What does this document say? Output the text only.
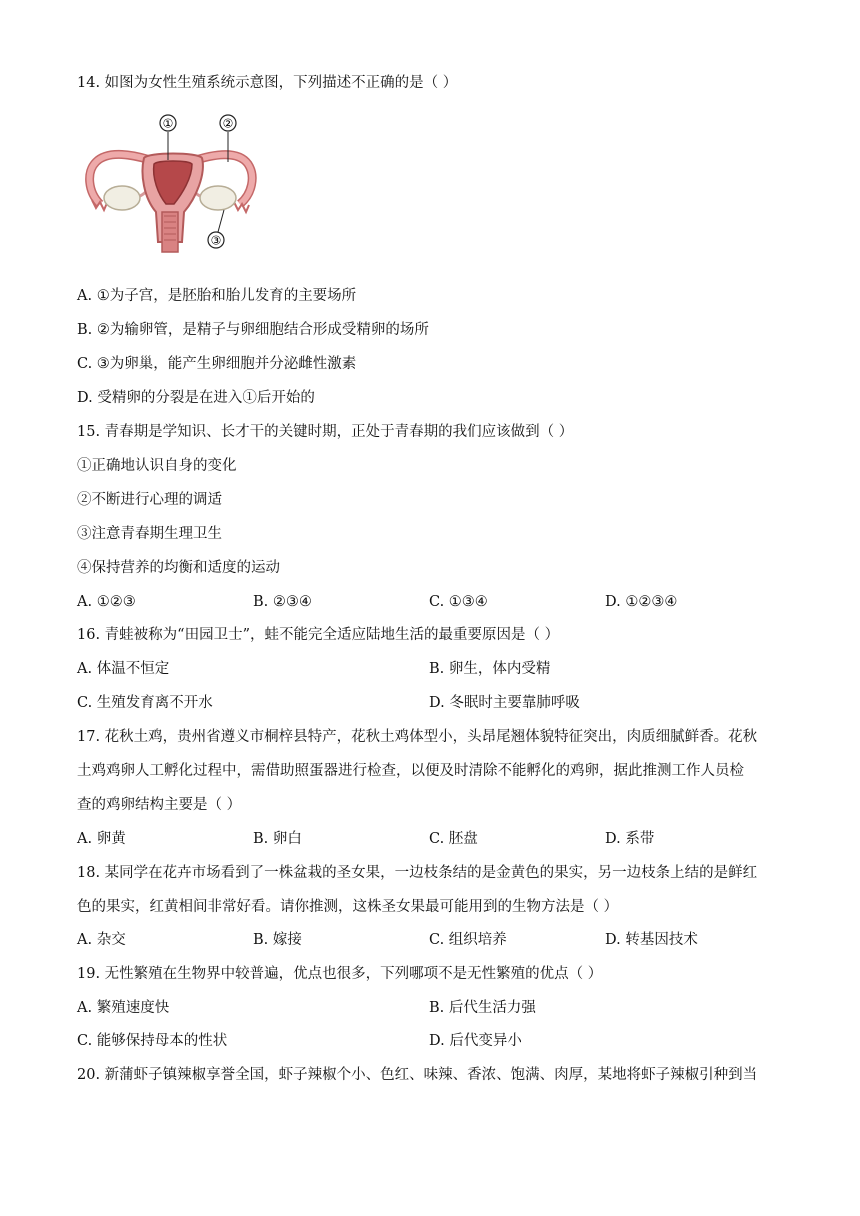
14. 如图为女性生殖系统示意图，下列描述不正确的是（ ）
①	②
③
A. ①为子宫，是胚胎和胎儿发育的主要场所
B. ②为输卵管，是精子与卵细胞结合形成受精卵的场所
C. ③为卵巢，能产生卵细胞并分泌雌性激素
D. 受精卵的分裂是在进入①后开始的
15. 青春期是学知识、长才干的关键时期，正处于青春期的我们应该做到（ ）
①正确地认识自身的变化
②不断进行心理的调适
③注意青春期生理卫生
④保持营养的均衡和适度的运动
A. ①②③	B. ②③④	C. ①③④	D. ①②③④
16. 青蛙被称为“田园卫士”，蛙不能完全适应陆地生活的最重要原因是（ ）
A. 体温不恒定	B. 卵生，体内受精
C. 生殖发育离不开水	D. 冬眠时主要靠肺呼吸
17. 花秋土鸡，贵州省遵义市桐梓县特产，花秋土鸡体型小，头昂尾翘体貌特征突出，肉质细腻鲜香。花秋
土鸡鸡卵人工孵化过程中，需借助照蛋器进行检查，以便及时清除不能孵化的鸡卵，据此推测工作人员检
查的鸡卵结构主要是（ ）
A. 卵黄	B. 卵白	C. 胚盘	D. 系带
18. 某同学在花卉市场看到了一株盆栽的圣女果，一边枝条结的是金黄色的果实，另一边枝条上结的是鲜红
色的果实，红黄相间非常好看。请你推测，这株圣女果最可能用到的生物方法是（ ）
A. 杂交	B. 嫁接	C. 组织培养	D. 转基因技术
19. 无性繁殖在生物界中较普遍，优点也很多，下列哪项不是无性繁殖的优点（ ）
A. 繁殖速度快	B. 后代生活力强
C. 能够保持母本的性状	D. 后代变异小
20. 新蒲虾子镇辣椒享誉全国，虾子辣椒个小、色红、味辣、香浓、饱满、肉厚，某地将虾子辣椒引种到当
